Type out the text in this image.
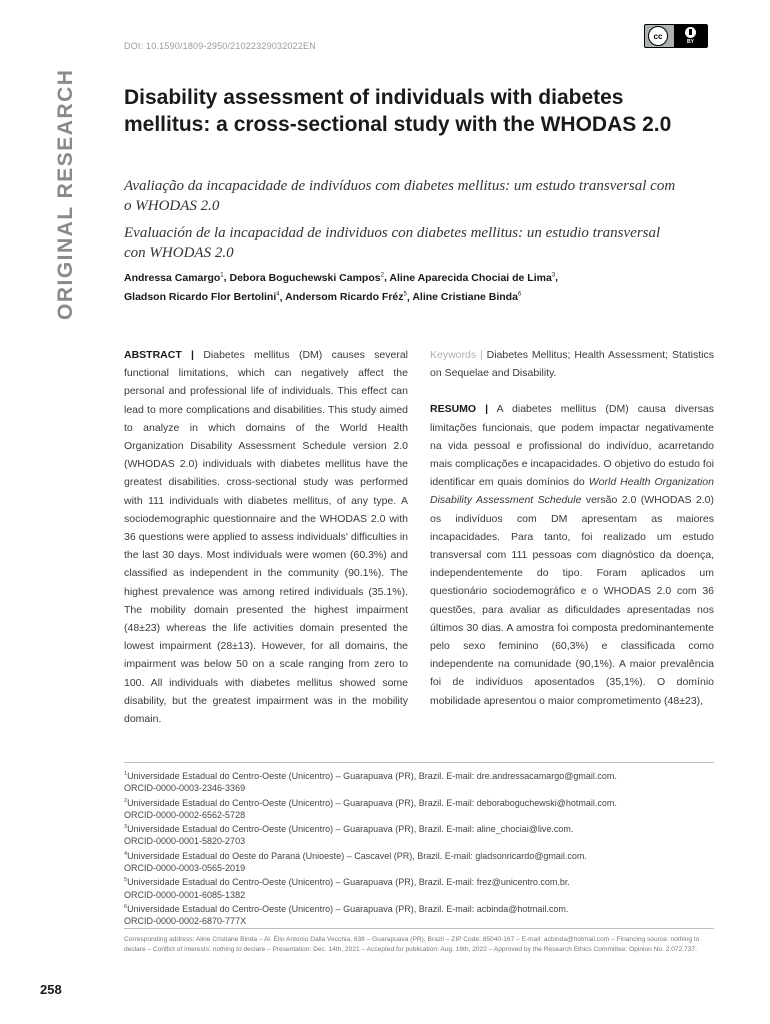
ORIGINAL RESEARCH
DOI: 10.1590/1809-2950/21022329032022EN
cc
BY
Disability assessment of individuals with diabetes mellitus: a cross-sectional study with the WHODAS 2.0

Avaliação da incapacidade de indivíduos com diabetes mellitus: um estudo transversal com o WHODAS 2.0

Evaluación de la incapacidad de individuos con diabetes mellitus: un estudio transversal con WHODAS 2.0

Andressa Camargo$^1$, Debora Boguchewski Campos$^2$, Aline Aparecida Chociai de Lima$^3$,
Gladson Ricardo Flor Bertolini$^4$, Andersom Ricardo Fréz$^5$, Aline Cristiane Binda$^6$

ABSTRACT | Diabetes mellitus (DM) causes several functional limitations, which can negatively affect the personal and professional life of individuals. This effect can lead to more complications and disabilities. This study aimed to analyze in which domains of the World Health Organization Disability Assessment Schedule version 2.0 (WHODAS 2.0) individuals with diabetes mellitus have the greatest disabilities. cross-sectional study was performed with 111 individuals with diabetes mellitus, of any type. A sociodemographic questionnaire and the WHODAS 2.0 with 36 questions were applied to assess individuals' difficulties in the last 30 days. Most individuals were women (60.3%) and classified as independent in the community (90.1%). The highest prevalence was among retired individuals (35.1%). The mobility domain presented the highest impairment (48±23) whereas the life activities domain presented the lowest impairment (28±13). However, for all domains, the impairment was below 50 on a scale ranging from zero to 100. All individuals with diabetes mellitus showed some disability, but the greatest impairment was in the mobility domain.

Keywords | Diabetes Mellitus; Health Assessment; Statistics on Sequelae and Disability.

RESUMO | A diabetes mellitus (DM) causa diversas limitações funcionais, que podem impactar negativamente na vida pessoal e profissional do indivíduo, acarretando mais complicações e incapacidades. O objetivo do estudo foi identificar em quais domínios do World Health Organization Disability Assessment Schedule versão 2.0 (WHODAS 2.0) os indivíduos com DM apresentam as maiores incapacidades. Para tanto, foi realizado um estudo transversal com 111 pessoas com diagnóstico da doença, independentemente do tipo. Foram aplicados um questionário sociodemográfico e o WHODAS 2.0 com 36 questões, para avaliar as dificuldades apresentadas nos últimos 30 dias. A amostra foi composta predominantemente pelo sexo feminino (60,3%) e classificada como independente na comunidade (90,1%). A maior prevalência foi de indivíduos aposentados (35,1%). O domínio mobilidade apresentou o maior comprometimento (48±23),

$^1$Universidade Estadual do Centro-Oeste (Unicentro) – Guarapuava (PR), Brazil. E-mail: dre.andressacamargo@gmail.com.
ORCID-0000-0003-2346-3369
$^2$Universidade Estadual do Centro-Oeste (Unicentro) – Guarapuava (PR), Brazil. E-mail: deboraboguchewski@hotmail.com.
ORCID-0000-0002-6562-5728
$^3$Universidade Estadual do Centro-Oeste (Unicentro) – Guarapuava (PR), Brazil. E-mail: aline_chociai@live.com.
ORCID-0000-0001-5820-2703
$^4$Universidade Estadual do Oeste do Paraná (Unioeste) – Cascavel (PR), Brazil. E-mail: gladsonricardo@gmail.com.
ORCID-0000-0003-0565-2019
$^5$Universidade Estadual do Centro-Oeste (Unicentro) – Guarapuava (PR), Brazil. E-mail: frez@unicentro.com.br.
ORCID-0000-0001-6085-1382
$^6$Universidade Estadual do Centro-Oeste (Unicentro) – Guarapuava (PR), Brazil. E-mail: acbinda@hotmail.com.
ORCID-0000-0002-6870-777X
Corresponding address: Aline Cristiane Binda – Al. Élio Antonio Dalla Vecchia, 838 – Guarapuava (PR), Brazil – ZIP Code: 85040-167 – E-mail: acbinda@hotmail.com – Financing source: nothing to declare – Conflict of interests: nothing to declare – Presentation: Dec. 14th, 2021 – Accepted for publication: Aug. 16th, 2022 – Approved by the Research Ethics Committee: Opinion No. 2.072.737.
258
